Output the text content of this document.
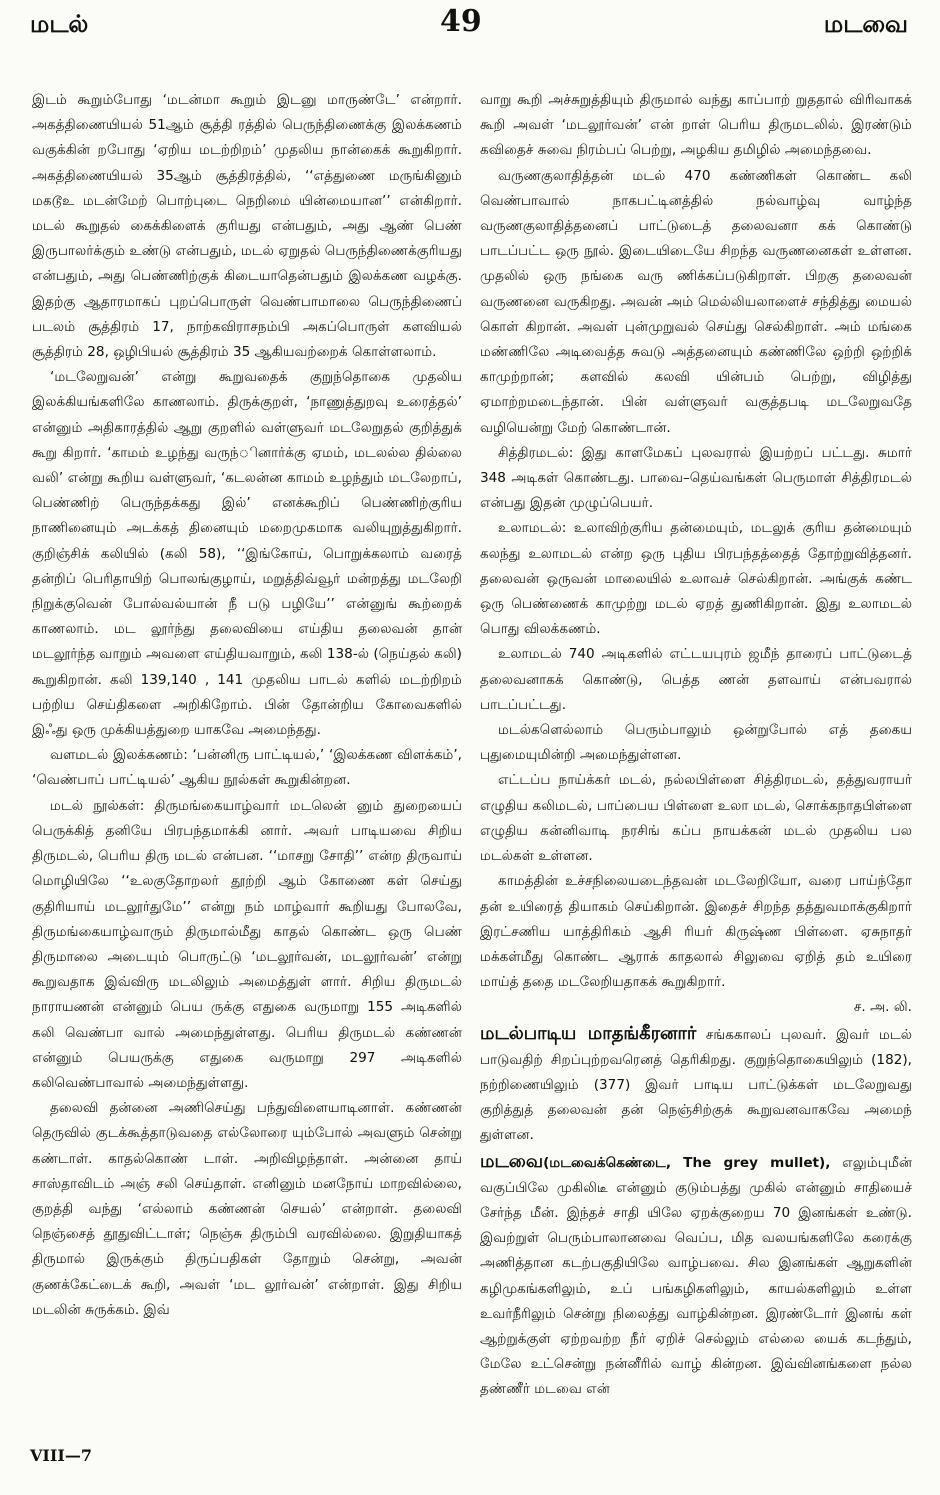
மடல்	49	மடவை

இடம் கூறும்போது ‘மடன்மா கூறும் இடனு மாருண்டே’ என்றார். அகத்திணையியல் 51ஆம் சூத்தி ரத்தில் பெருந்திணைக்கு இலக்கணம் வகுக்கின் றபோது ‘ஏறிய மடற்றிறம்’ முதலிய நான்கைக் கூறுகிறார். அகத்திணையியல் 35ஆம் சூத்திரத்தில், ‘‘எத்துணை மருங்கினும் மகடூஉ மடன்மேற் பொற்புடை நெறிமை யின்மையான’’ என்கிறார். மடல் கூறுதல் கைக்கிளைக் குரியது என்பதும், அது ஆண் பெண் இருபாலர்க்கும் உண்டு என்பதும், மடல் ஏறுதல் பெருந்திணைக்குரியது என்பதும், அது பெண்ணிற்குக் கிடையாதென்பதும் இலக்கண வழக்கு. இதற்கு ஆதாரமாகப் புறப்பொருள் வெண்பாமாலை பெருந்திணைப் படலம் சூத்திரம் 17, நாற்கவிராசநம்பி அகப்பொருள் களவியல் சூத்திரம் 28, ஒழிபியல் சூத்திரம் 35 ஆகியவற்றைக் கொள்ளலாம்.

‘மடலேறுவன்’ என்று கூறுவதைக் குறுந்தொகை முதலிய இலக்கியங்களிலே காணலாம். திருக்குறள், ‘நாணுத்துறவு உரைத்தல்’ என்னும் அதிகாரத்தில் ஆறு குறளில் வள்ளுவர் மடலேறுதல் குறித்துக் கூறு கிறார். ‘காமம் உழந்து வருந்ினார்க்கு ஏமம், மடலல்ல தில்லை வலி’ என்று கூறிய வள்ளுவர், ‘கடலன்ன காமம் உழந்தும் மடலேறாப், பெண்ணிற் பெருந்தக்கது இல்’ எனக்கூறிப் பெண்ணிற்குரிய நாணினையும் அடக்கத் தினையும் மறைமுகமாக வலியுறுத்துகிறார். குறிஞ்சிக் கலியில் (கலி 58), ‘‘இங்கோய், பொறுக்கலாம் வரைத் தன்றிப் பெரிதாயிற் பொலங்குழாய், மறுத்திவ்வூர் மன்றத்து மடலேறி நிறுக்குவென் போல்வல்யான் நீ படு பழியே’’ என்னுங் கூற்றைக் காணலாம். மட லூர்ந்து தலைவியை எய்திய தலைவன் தான் மடலூர்ந்த வாறும் அவளை எய்தியவாறும், கலி 138-ல் (நெய்தல் கலி) கூறுகிறான். கலி 139,140 , 141 முதலிய பாடல் களில் மடற்றிறம் பற்றிய செய்திகளை அறிகிறோம். பின் தோன்றிய கோவைகளில் இஃது ஒரு முக்கியத்துறை யாகவே அமைந்தது.

வளமடல் இலக்கணம்: ‘பன்னிரு பாட்டியல்,’ ‘இலக்கண விளக்கம்’, ‘வெண்பாப் பாட்டியல்’ ஆகிய நூல்கள் கூறுகின்றன.

மடல் நூல்கள்: திருமங்கையாழ்வார் மடலென் னும் துறையைப் பெருக்கித் தனியே பிரபந்தமாக்கி னார். அவர் பாடியவை சிறிய திருமடல், பெரிய திரு மடல் என்பன. ‘‘மாசறு சோதி’’ என்ற திருவாய் மொழியிலே ‘‘உலகுதோறலர் தூற்றி ஆம் கோணை கள் செய்து குதிரியாய் மடலூர்துமே’’ என்று நம் மாழ்வார் கூறியது போலவே, திருமங்கையாழ்வாரும் திருமால்மீது காதல் கொண்ட ஒரு பெண் திருமாலை அடையும் பொருட்டு ‘மடலூர்வன், மடலூர்வன்’ என்று கூறுவதாக இவ்விரு மடலிலும் அமைத்துள் ளார். சிறிய திருமடல் நாராயணன் என்னும் பெய ருக்கு எதுகை வருமாறு 155 அடிகளில் கலி வெண்பா வால் அமைந்துள்ளது. பெரிய திருமடல் கண்ணன் என்னும் பெயருக்கு எதுகை வருமாறு 297 அடிகளில் கலிவெண்பாவால் அமைந்துள்ளது.

தலைவி தன்னை அணிசெய்து பந்துவிளையாடினாள். கண்ணன் தெருவில் குடக்கூத்தாடுவதை எல்லோரை யும்போல் அவளும் சென்று கண்டாள். காதல்கொண் டாள். அறிவிழந்தாள். அன்னை தாய் சாஸ்தாவிடம் அஞ் சலி செய்தாள். எனினும் மனநோய் மாறவில்லை, குறத்தி வந்து ‘எல்லாம் கண்ணன் செயல்’ என்றாள். தலைவி நெஞ்சைத் தூதுவிட்டாள்; நெஞ்சு திரும்பி வரவில்லை. இறுதியாகத் திருமால் இருக்கும் திருப்பதிகள் தோறும் சென்று, அவன் குணக்கேட்டைக் கூறி, அவள் ‘மட லூர்வன்’ என்றாள். இது சிறிய மடலின் சுருக்கம். இவ்

வாறு கூறி அச்சுறுத்தியும் திருமால் வந்து காப்பாற் றுததால் விரிவாகக் கூறி அவள் ‘மடலூர்வன்’ என் றாள் பெரிய திருமடலில். இரண்டும் கவிதைச் சுவை நிரம்பப் பெற்று, அழகிய தமிழில் அமைந்தவை.

வருணகுலாதித்தன் மடல் 470 கண்ணிகள் கொண்ட கலி வெண்பாவால் நாகபட்டினத்தில் நல்வாழ்வு வாழ்ந்த வருணகுலாதித்தனைப் பாட்டுடைத் தலைவனா கக் கொண்டு பாடப்பட்ட ஒரு நூல். இடையிடையே சிறந்த வருணனைகள் உள்ளன. முதலில் ஒரு நங்கை வரு ணிக்கப்படுகிறாள். பிறகு தலைவன் வருணனை வருகிறது. அவன் அம் மெல்லியலாளைச் சந்தித்து மையல் கொள் கிறான். அவள் புன்முறுவல் செய்து செல்கிறாள். அம் மங்கை மண்ணிலே அடிவைத்த சுவடு அத்தனையும் கண்ணிலே ஒற்றி ஒற்றிக் காமுற்றான்; களவில் கலவி யின்பம் பெற்று, விழித்து ஏமாற்றமடைந்தான். பின் வள்ளுவர் வகுத்தபடி மடலேறுவதே வழியென்று மேற் கொண்டான்.

சித்திரமடல்: இது காளமேகப் புலவரால் இயற்றப் பட்டது. சுமார் 348 அடிகள் கொண்டது. பாவை–தெய்வங்கள் பெருமாள் சித்திரமடல் என்பது இதன் முழுப்பெயர்.

உலாமடல்: உலாவிற்குரிய தன்மையும், மடலுக் குரிய தன்மையும் கலந்து உலாமடல் என்ற ஒரு புதிய பிரபந்தத்தைத் தோற்றுவித்தனர். தலைவன் ஒருவன் மாலையில் உலாவச் செல்கிறான். அங்குக் கண்ட ஒரு பெண்ணைக் காமுற்று மடல் ஏறத் துணிகிறான். இது உலாமடல் பொது விலக்கணம்.

உலாமடல் 740 அடிகளில் எட்டயபுரம் ஜமீந் தாரைப் பாட்டுடைத் தலைவனாகக் கொண்டு, பெத்த ணன் தளவாய் என்பவரால் பாடப்பட்டது.

மடல்களெல்லாம் பெரும்பாலும் ஒன்றுபோல் எத் தகைய புதுமையுமின்றி அமைந்துள்ளன.

எட்டப்ப நாய்க்கர் மடல், நல்லபிள்ளை சித்திரமடல், தத்துவராயர் எழுதிய கலிமடல், பாப்பைய பிள்ளை உலா மடல், சொக்கநாதபிள்ளை எழுதிய கன்னிவாடி நரசிங் கப்ப நாயக்கன் மடல் முதலிய பல மடல்கள் உள்ளன.

காமத்தின் உச்சநிலையடைந்தவன் மடலேறியோ, வரை பாய்ந்தோ தன் உயிரைத் தியாகம் செய்கிறான். இதைச் சிறந்த தத்துவமாக்குகிறார் இரட்சணிய யாத்திரிகம் ஆசி ரியர் கிருஷ்ண பிள்ளை. ஏசுநாதர் மக்கள்மீது கொண்ட ஆராக் காதலால் சிலுவை ஏறித் தம் உயிரை மாய்த் ததை மடலேறியதாகக் கூறுகிறார்.

ச. அ. லி.

மடல்பாடிய மாதங்கீரனார் சங்ககாலப் புலவர். இவர் மடல் பாடுவதிற் சிறப்புற்றவரெனத் தெரிகிறது. குறுந்தொகையிலும் (182), நற்றிணையிலும் (377) இவர் பாடிய பாட்டுக்கள் மடலேறுவது குறித்துத் தலைவன் தன் நெஞ்சிற்குக் கூறுவனவாகவே அமைந் துள்ளன.

மடவை(மடவைக்கெண்டை, The grey mullet), எலும்புமீன் வகுப்பிலே முகிலிடீ என்னும் குடும்பத்து முகில் என்னும் சாதியைச் சேர்ந்த மீன். இந்தச் சாதி யிலே ஏறக்குறைய 70 இனங்கள் உண்டு. இவற்றுள் பெரும்பாலானவை வெப்ப, மித வலயங்களிலே கரைக்கு அணித்தான கடற்பகுதியிலே வாழ்பவை. சில இனங்கள் ஆறுகளின் கழிமுகங்களிலும், உப் பங்கழிகளிலும், காயல்களிலும் உள்ள உவர்நீரிலும் சென்று நிலைத்து வாழ்கின்றன. இரண்டோர் இனங் கள் ஆற்றுக்குள் ஏற்றவற்ற நீர் ஏறிச் செல்லும் எல்லை யைக் கடந்தும், மேலே உட்சென்று நன்னீரில் வாழ் கின்றன. இவ்வினங்களை நல்ல தண்ணீர் மடவை என்

VIII—7
